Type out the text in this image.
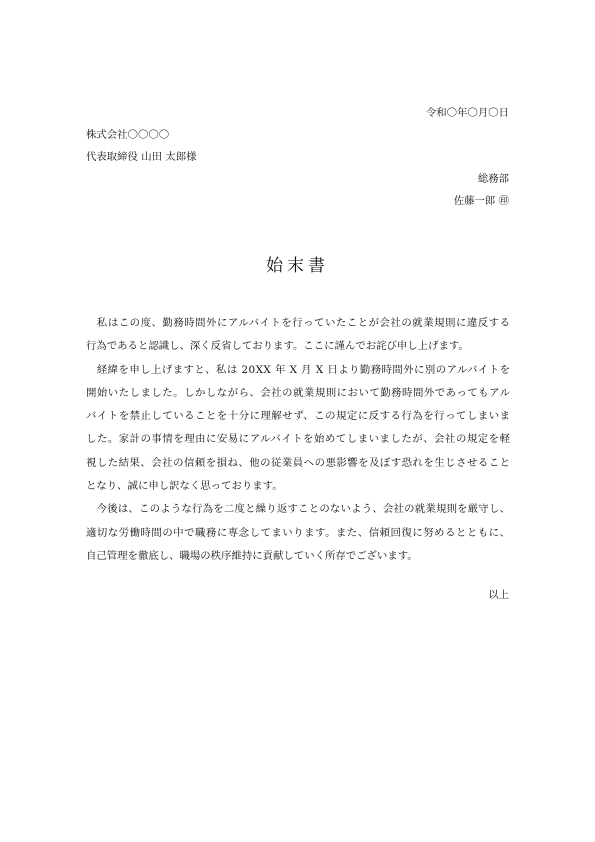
令和〇年〇月〇日
株式会社〇〇〇〇
代表取締役 山田 太郎様
総務部
佐藤一郎 ㊞
始末書
　私はこの度、勤務時間外にアルバイトを行っていたことが会社の就業規則に違反する
行為であると認識し、深く反省しております。ここに謹んでお詫び申し上げます。
　経緯を申し上げますと、私は 20XX 年 X 月 X 日より勤務時間外に別のアルバイトを
開始いたしました。しかしながら、会社の就業規則において勤務時間外であってもアル
バイトを禁止していることを十分に理解せず、この規定に反する行為を行ってしまいま
した。家計の事情を理由に安易にアルバイトを始めてしまいましたが、会社の規定を軽
視した結果、会社の信頼を損ね、他の従業員への悪影響を及ぼす恐れを生じさせること
となり、誠に申し訳なく思っております。
　今後は、このような行為を二度と繰り返すことのないよう、会社の就業規則を厳守し、
適切な労働時間の中で職務に専念してまいります。また、信頼回復に努めるとともに、
自己管理を徹底し、職場の秩序維持に貢献していく所存でございます。
以上
